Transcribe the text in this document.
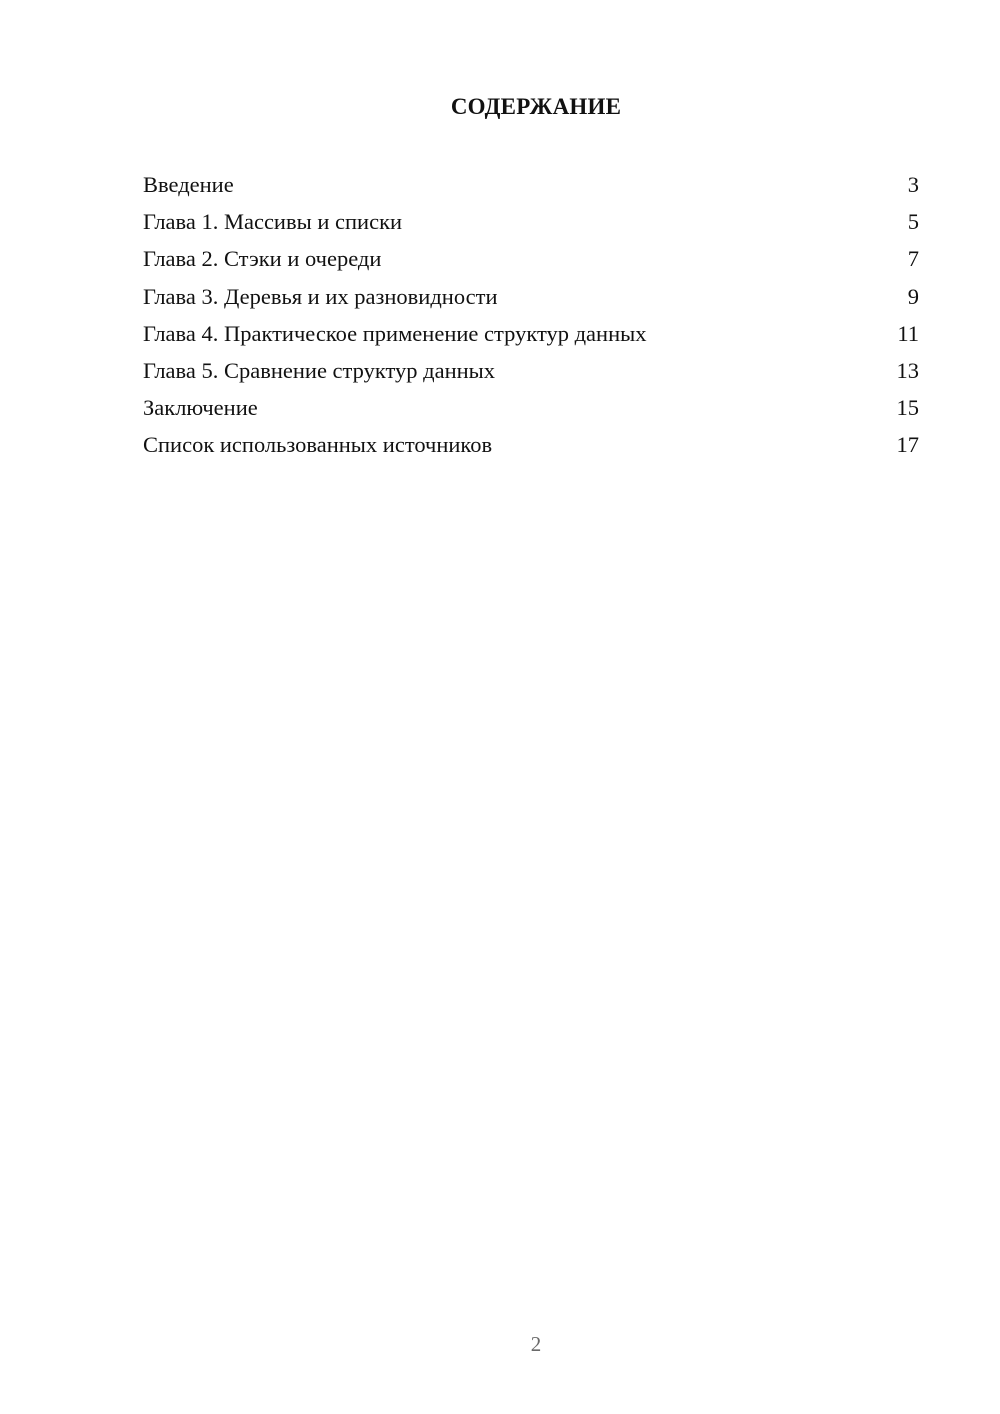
СОДЕРЖАНИЕ
Введение	3
Глава 1. Массивы и списки	5
Глава 2. Стэки и очереди	7
Глава 3. Деревья и их разновидности	9
Глава 4. Практическое применение структур данных	11
Глава 5. Сравнение структур данных	13
Заключение	15
Список использованных источников	17
2
